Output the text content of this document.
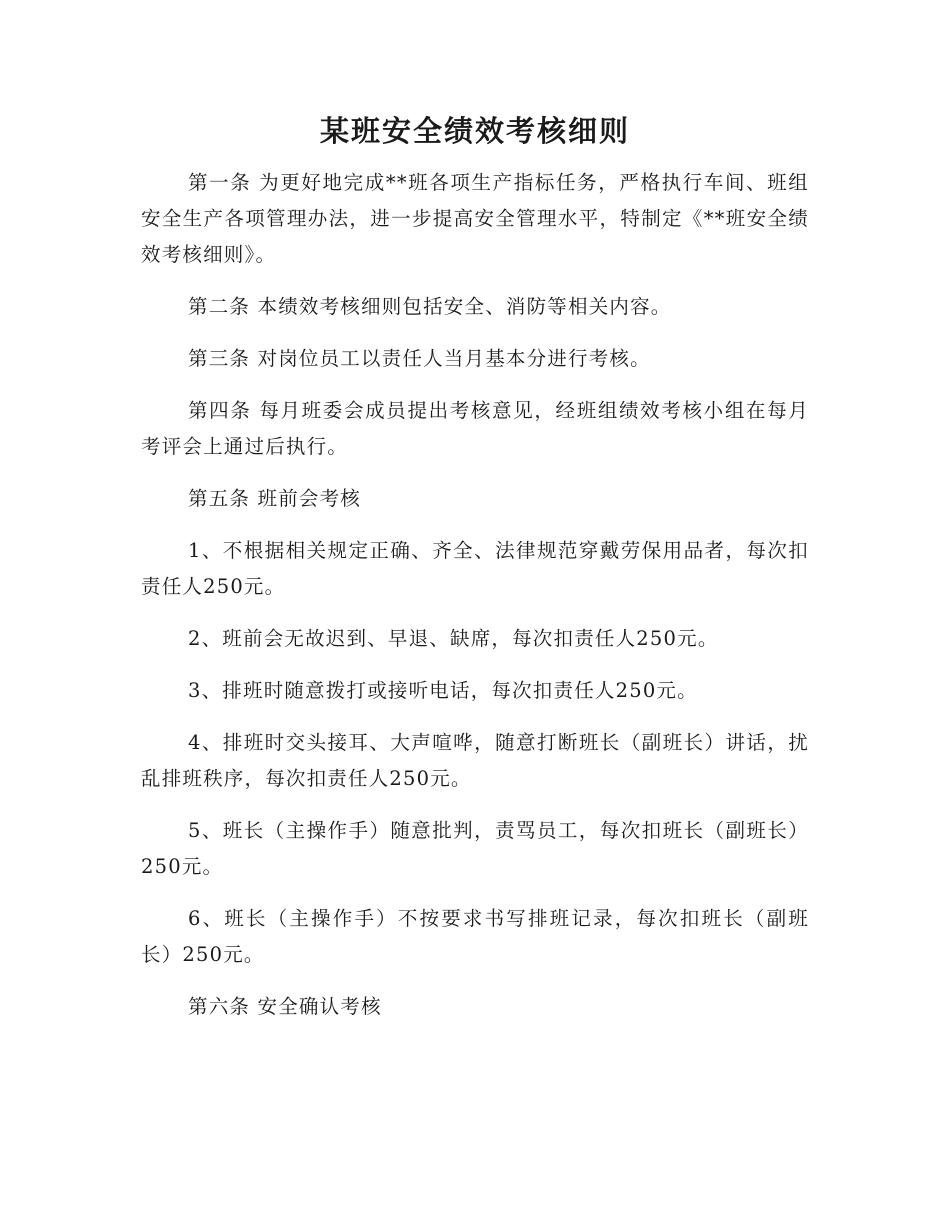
某班安全绩效考核细则

第一条 为更好地完成**班各项生产指标任务，严格执行车间、班组安全生产各项管理办法，进一步提高安全管理水平，特制定《**班安全绩效考核细则》。

第二条 本绩效考核细则包括安全、消防等相关内容。

第三条 对岗位员工以责任人当月基本分进行考核。

第四条 每月班委会成员提出考核意见，经班组绩效考核小组在每月考评会上通过后执行。

第五条 班前会考核

1、不根据相关规定正确、齐全、法律规范穿戴劳保用品者，每次扣责任人250元。

2、班前会无故迟到、早退、缺席，每次扣责任人250元。

3、排班时随意拨打或接听电话，每次扣责任人250元。

4、排班时交头接耳、大声喧哗，随意打断班长（副班长）讲话，扰乱排班秩序，每次扣责任人250元。

5、班长（主操作手）随意批判，责骂员工，每次扣班长（副班长）250元。

6、班长（主操作手）不按要求书写排班记录，每次扣班长（副班长）250元。

第六条 安全确认考核
